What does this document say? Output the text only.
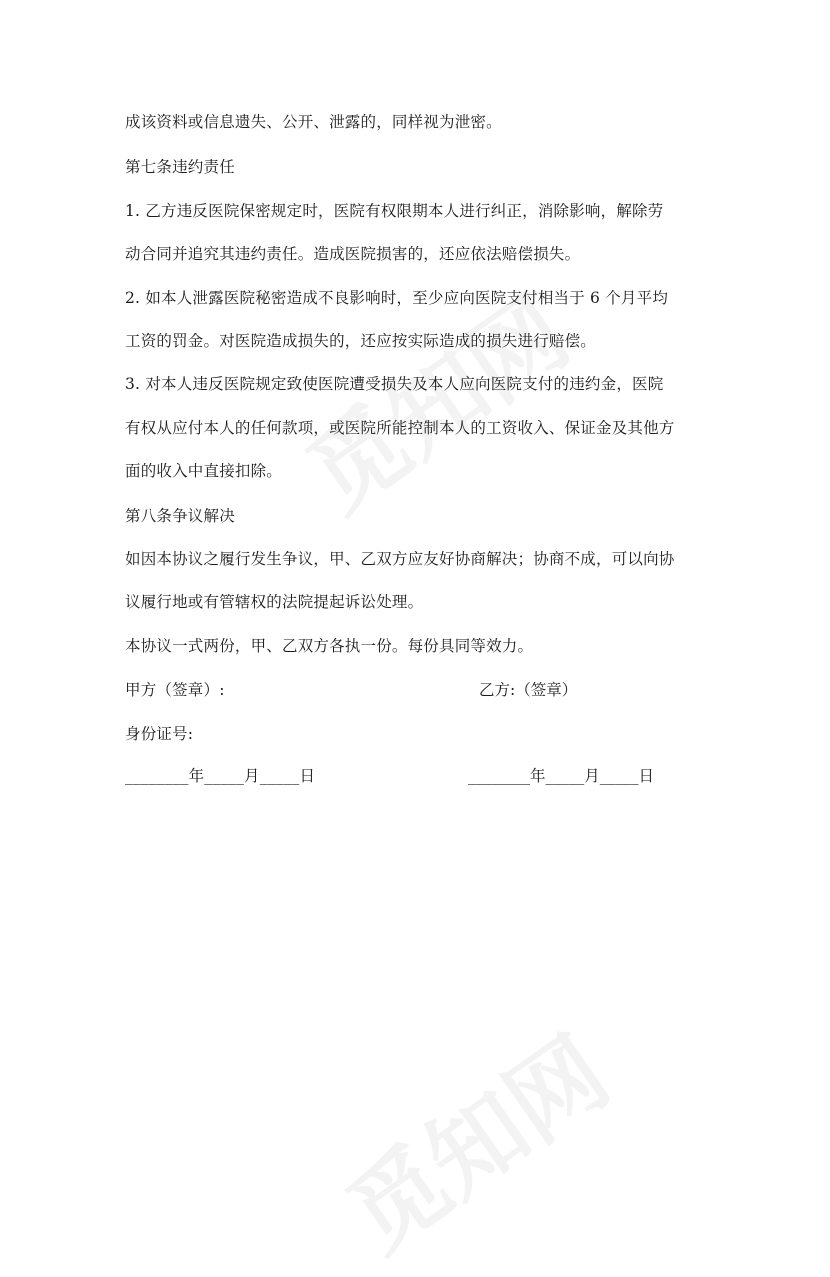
成该资料或信息遗失、公开、泄露的，同样视为泄密。
第七条违约责任
1. 乙方违反医院保密规定时，医院有权限期本人进行纠正，消除影响，解除劳
动合同并追究其违约责任。造成医院损害的，还应依法赔偿损失。
2. 如本人泄露医院秘密造成不良影响时，至少应向医院支付相当于 6 个月平均
工资的罚金。对医院造成损失的，还应按实际造成的损失进行赔偿。
3. 对本人违反医院规定致使医院遭受损失及本人应向医院支付的违约金，医院
有权从应付本人的任何款项，或医院所能控制本人的工资收入、保证金及其他方
面的收入中直接扣除。
第八条争议解决
如因本协议之履行发生争议，甲、乙双方应友好协商解决；协商不成，可以向协
议履行地或有管辖权的法院提起诉讼处理。
本协议一式两份，甲、乙双方各执一份。每份具同等效力。
甲方（签章）:	乙方:（签章）
身份证号:
________年_____月_____日	________年_____月_____日
